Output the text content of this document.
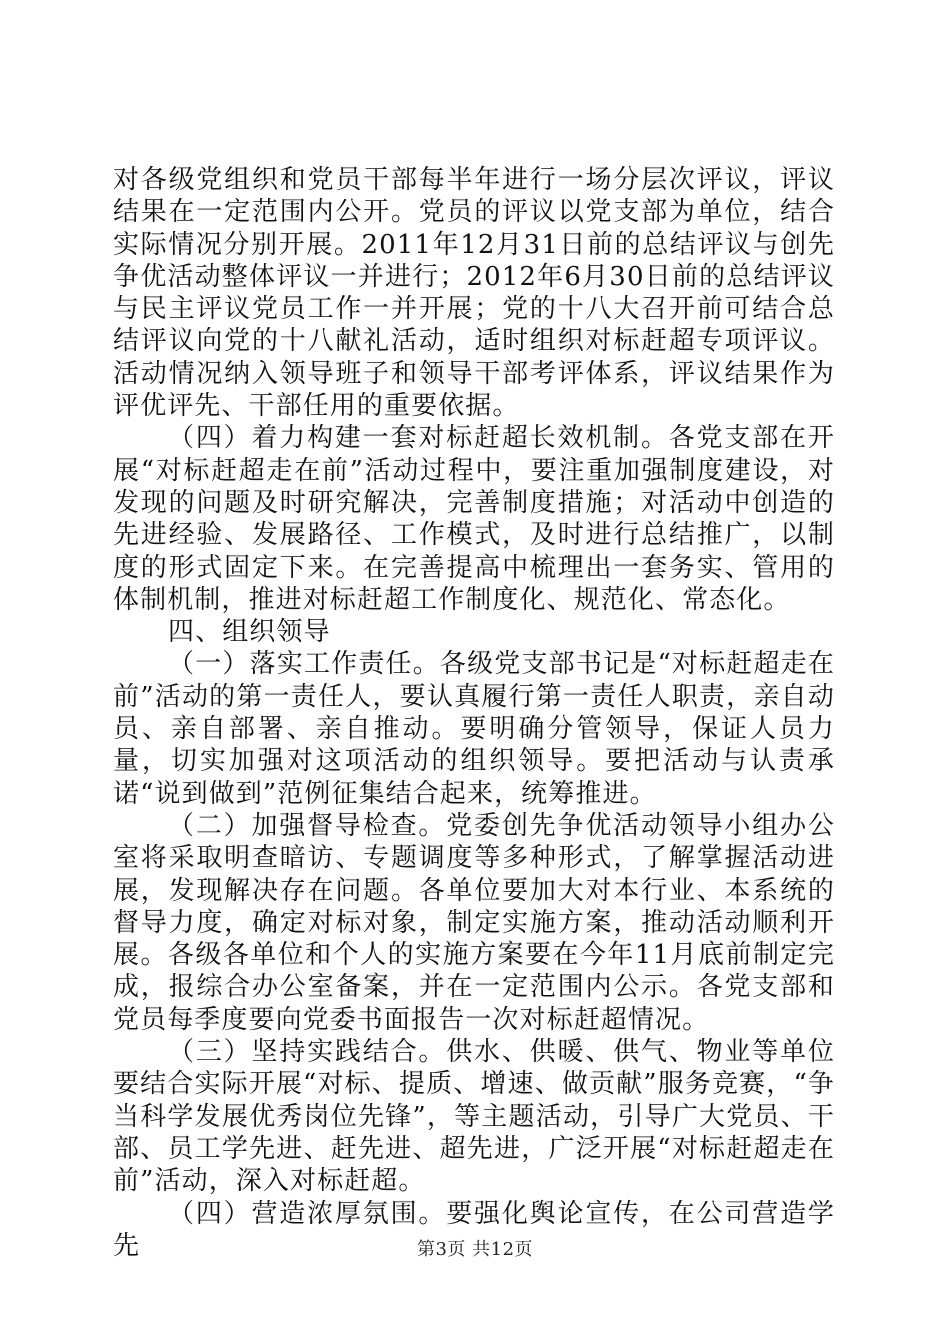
对各级党组织和党员干部每半年进行一场分层次评议，评议结果在一定范围内公开。党员的评议以党支部为单位，结合实际情况分别开展。2011年12月31日前的总结评议与创先争优活动整体评议一并进行；2012年6月30日前的总结评议与民主评议党员工作一并开展；党的十八大召开前可结合总结评议向党的十八献礼活动，适时组织对标赶超专项评议。活动情况纳入领导班子和领导干部考评体系，评议结果作为评优评先、干部任用的重要依据。

（四）着力构建一套对标赶超长效机制。各党支部在开展“对标赶超走在前”活动过程中，要注重加强制度建设，对发现的问题及时研究解决，完善制度措施；对活动中创造的先进经验、发展路径、工作模式，及时进行总结推广，以制度的形式固定下来。在完善提高中梳理出一套务实、管用的体制机制，推进对标赶超工作制度化、规范化、常态化。

四、组织领导

（一）落实工作责任。各级党支部书记是“对标赶超走在前”活动的第一责任人，要认真履行第一责任人职责，亲自动员、亲自部署、亲自推动。要明确分管领导，保证人员力量，切实加强对这项活动的组织领导。要把活动与认责承诺“说到做到”范例征集结合起来，统筹推进。

（二）加强督导检查。党委创先争优活动领导小组办公室将采取明查暗访、专题调度等多种形式，了解掌握活动进展，发现解决存在问题。各单位要加大对本行业、本系统的督导力度，确定对标对象，制定实施方案，推动活动顺利开展。各级各单位和个人的实施方案要在今年11月底前制定完成，报综合办公室备案，并在一定范围内公示。各党支部和党员每季度要向党委书面报告一次对标赶超情况。

（三）坚持实践结合。供水、供暖、供气、物业等单位要结合实际开展“对标、提质、增速、做贡献”服务竞赛，“争当科学发展优秀岗位先锋”，等主题活动，引导广大党员、干部、员工学先进、赶先进、超先进，广泛开展“对标赶超走在前”活动，深入对标赶超。

（四）营造浓厚氛围。要强化舆论宣传，在公司营造学先	第3页 共12页
